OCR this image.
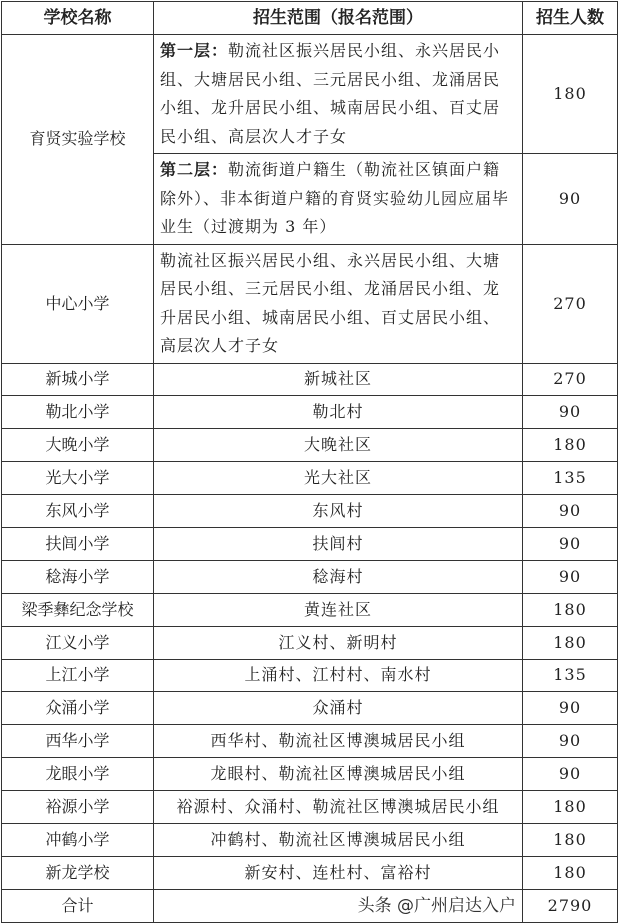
学校名称	招生范围（报名范围）	招生人数
育贤实验学校	第一层：勒流社区振兴居民小组、永兴居民小组、大塘居民小组、三元居民小组、龙涌居民小组、龙升居民小组、城南居民小组、百丈居民小组、高层次人才子女	180
	第二层：勒流街道户籍生（勒流社区镇面户籍除外）、非本街道户籍的育贤实验幼儿园应届毕业生（过渡期为 3 年）	90
中心小学	勒流社区振兴居民小组、永兴居民小组、大塘居民小组、三元居民小组、龙涌居民小组、龙升居民小组、城南居民小组、百丈居民小组、高层次人才子女	270
新城小学	新城社区	270
勒北小学	勒北村	90
大晚小学	大晚社区	180
光大小学	光大社区	135
东风小学	东风村	90
扶闾小学	扶闾村	90
稔海小学	稔海村	90
梁季彝纪念学校	黄连社区	180
江义小学	江义村、新明村	180
上江小学	上涌村、江村村、南水村	135
众涌小学	众涌村	90
西华小学	西华村、勒流社区博澳城居民小组	90
龙眼小学	龙眼村、勒流社区博澳城居民小组	90
裕源小学	裕源村、众涌村、勒流社区博澳城居民小组	180
冲鹤小学	冲鹤村、勒流社区博澳城居民小组	180
新龙学校	新安村、连杜村、富裕村	180
合计	头条 @广州启达入户	2790
